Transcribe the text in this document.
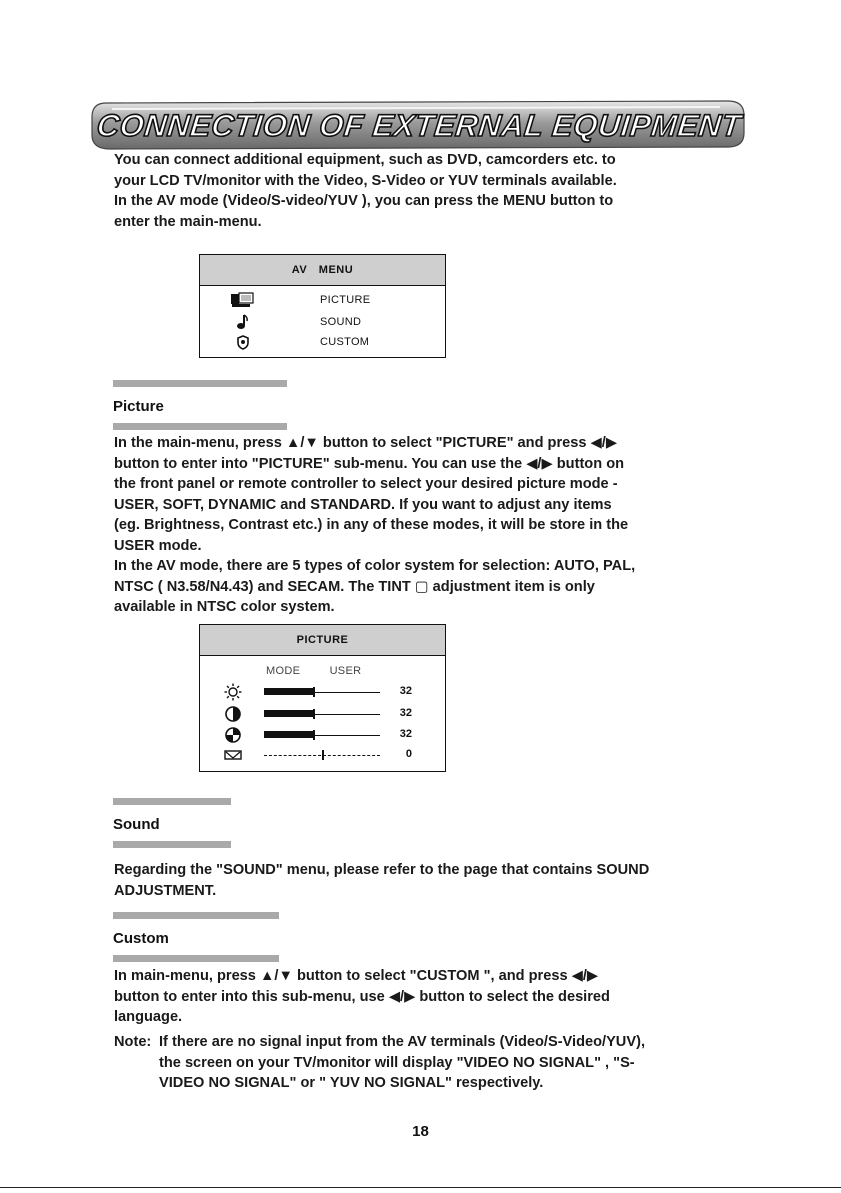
CONNECTION OF EXTERNAL EQUIPMENT
You can connect additional equipment, such as DVD, camcorders etc. to
your LCD TV/monitor with the Video, S-Video or YUV terminals available.
In the AV mode (Video/S-video/YUV ), you can press the MENU button to
enter the main-menu.
AV MENU
PICTURE
SOUND
CUSTOM
Picture
In the main-menu, press ▲/▼ button to select "PICTURE" and press ◀/▶
button to enter into "PICTURE" sub-menu. You can use the ◀/▶ button on
the front panel or remote controller to select your desired picture mode -
USER, SOFT, DYNAMIC and STANDARD. If you want to adjust any items
(eg. Brightness, Contrast etc.) in any of these modes, it will be store in the
USER mode.
In the AV mode, there are 5 types of color system for selection: AUTO, PAL,
NTSC ( N3.58/N4.43) and SECAM. The TINT ▢ adjustment item is only
available in NTSC color system.
PICTURE
MODE	USER
32
32
32
0
Sound
Regarding the "SOUND" menu, please refer to the page that contains SOUND
ADJUSTMENT.
Custom
In main-menu, press ▲/▼ button to select "CUSTOM ", and press ◀/▶
button to enter into this sub-menu, use ◀/▶ button to select the desired
language.
Note: If there are no signal input from the AV terminals (Video/S-Video/YUV),
the screen on your TV/monitor will display "VIDEO NO SIGNAL" , "S-
VIDEO NO SIGNAL" or " YUV NO SIGNAL" respectively.
18
